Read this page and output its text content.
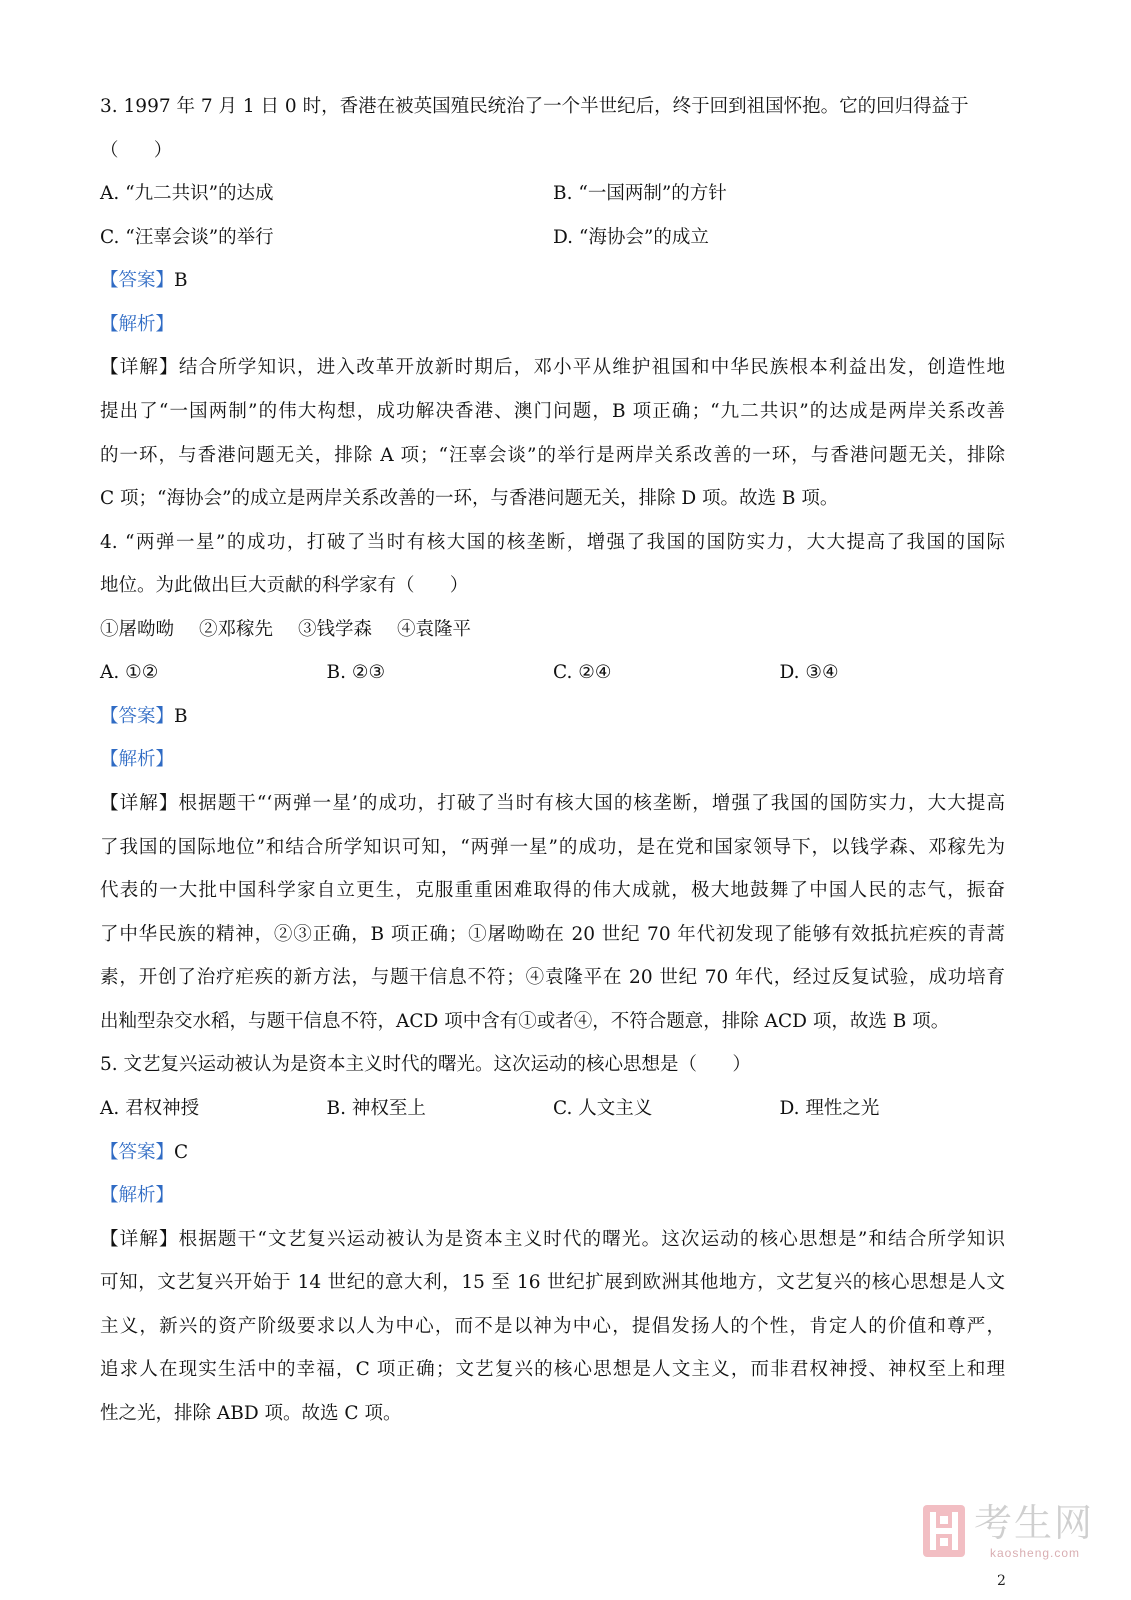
3. 1997 年 7 月 1 日 0 时，香港在被英国殖民统治了一个半世纪后，终于回到祖国怀抱。它的回归得益于
（      ）
A. “九二共识”的达成	B. “一国两制”的方针
C. “汪辜会谈”的举行	D. “海协会”的成立
【答案】B
【解析】
【详解】结合所学知识，进入改革开放新时期后，邓小平从维护祖国和中华民族根本利益出发，创造性地
提出了“一国两制”的伟大构想，成功解决香港、澳门问题，B 项正确；“九二共识”的达成是两岸关系改善
的一环，与香港问题无关，排除 A 项；“汪辜会谈”的举行是两岸关系改善的一环，与香港问题无关，排除
C 项；“海协会”的成立是两岸关系改善的一环，与香港问题无关，排除 D 项。故选 B 项。
4. “两弹一星”的成功，打破了当时有核大国的核垄断，增强了我国的国防实力，大大提高了我国的国际
地位。为此做出巨大贡献的科学家有（      ）
①屠呦呦 ②邓稼先 ③钱学森 ④袁隆平
A. ①②	B. ②③	C. ②④	D. ③④
【答案】B
【解析】
【详解】根据题干“‘两弹一星’的成功，打破了当时有核大国的核垄断，增强了我国的国防实力，大大提高
了我国的国际地位”和结合所学知识可知，“两弹一星”的成功，是在党和国家领导下，以钱学森、邓稼先为
代表的一大批中国科学家自立更生，克服重重困难取得的伟大成就，极大地鼓舞了中国人民的志气，振奋
了中华民族的精神，②③正确，B 项正确；①屠呦呦在 20 世纪 70 年代初发现了能够有效抵抗疟疾的青蒿
素，开创了治疗疟疾的新方法，与题干信息不符；④袁隆平在 20 世纪 70 年代，经过反复试验，成功培育
出籼型杂交水稻，与题干信息不符，ACD 项中含有①或者④，不符合题意，排除 ACD 项，故选 B 项。
5. 文艺复兴运动被认为是资本主义时代的曙光。这次运动的核心思想是（      ）
A. 君权神授	B. 神权至上	C. 人文主义	D. 理性之光
【答案】C
【解析】
【详解】根据题干“文艺复兴运动被认为是资本主义时代的曙光。这次运动的核心思想是”和结合所学知识
可知，文艺复兴开始于 14 世纪的意大利，15 至 16 世纪扩展到欧洲其他地方，文艺复兴的核心思想是人文
主义，新兴的资产阶级要求以人为中心，而不是以神为中心，提倡发扬人的个性，肯定人的价值和尊严，
追求人在现实生活中的幸福，C 项正确；文艺复兴的核心思想是人文主义，而非君权神授、神权至上和理
性之光，排除 ABD 项。故选 C 项。
考生网
kaosheng.com
2
